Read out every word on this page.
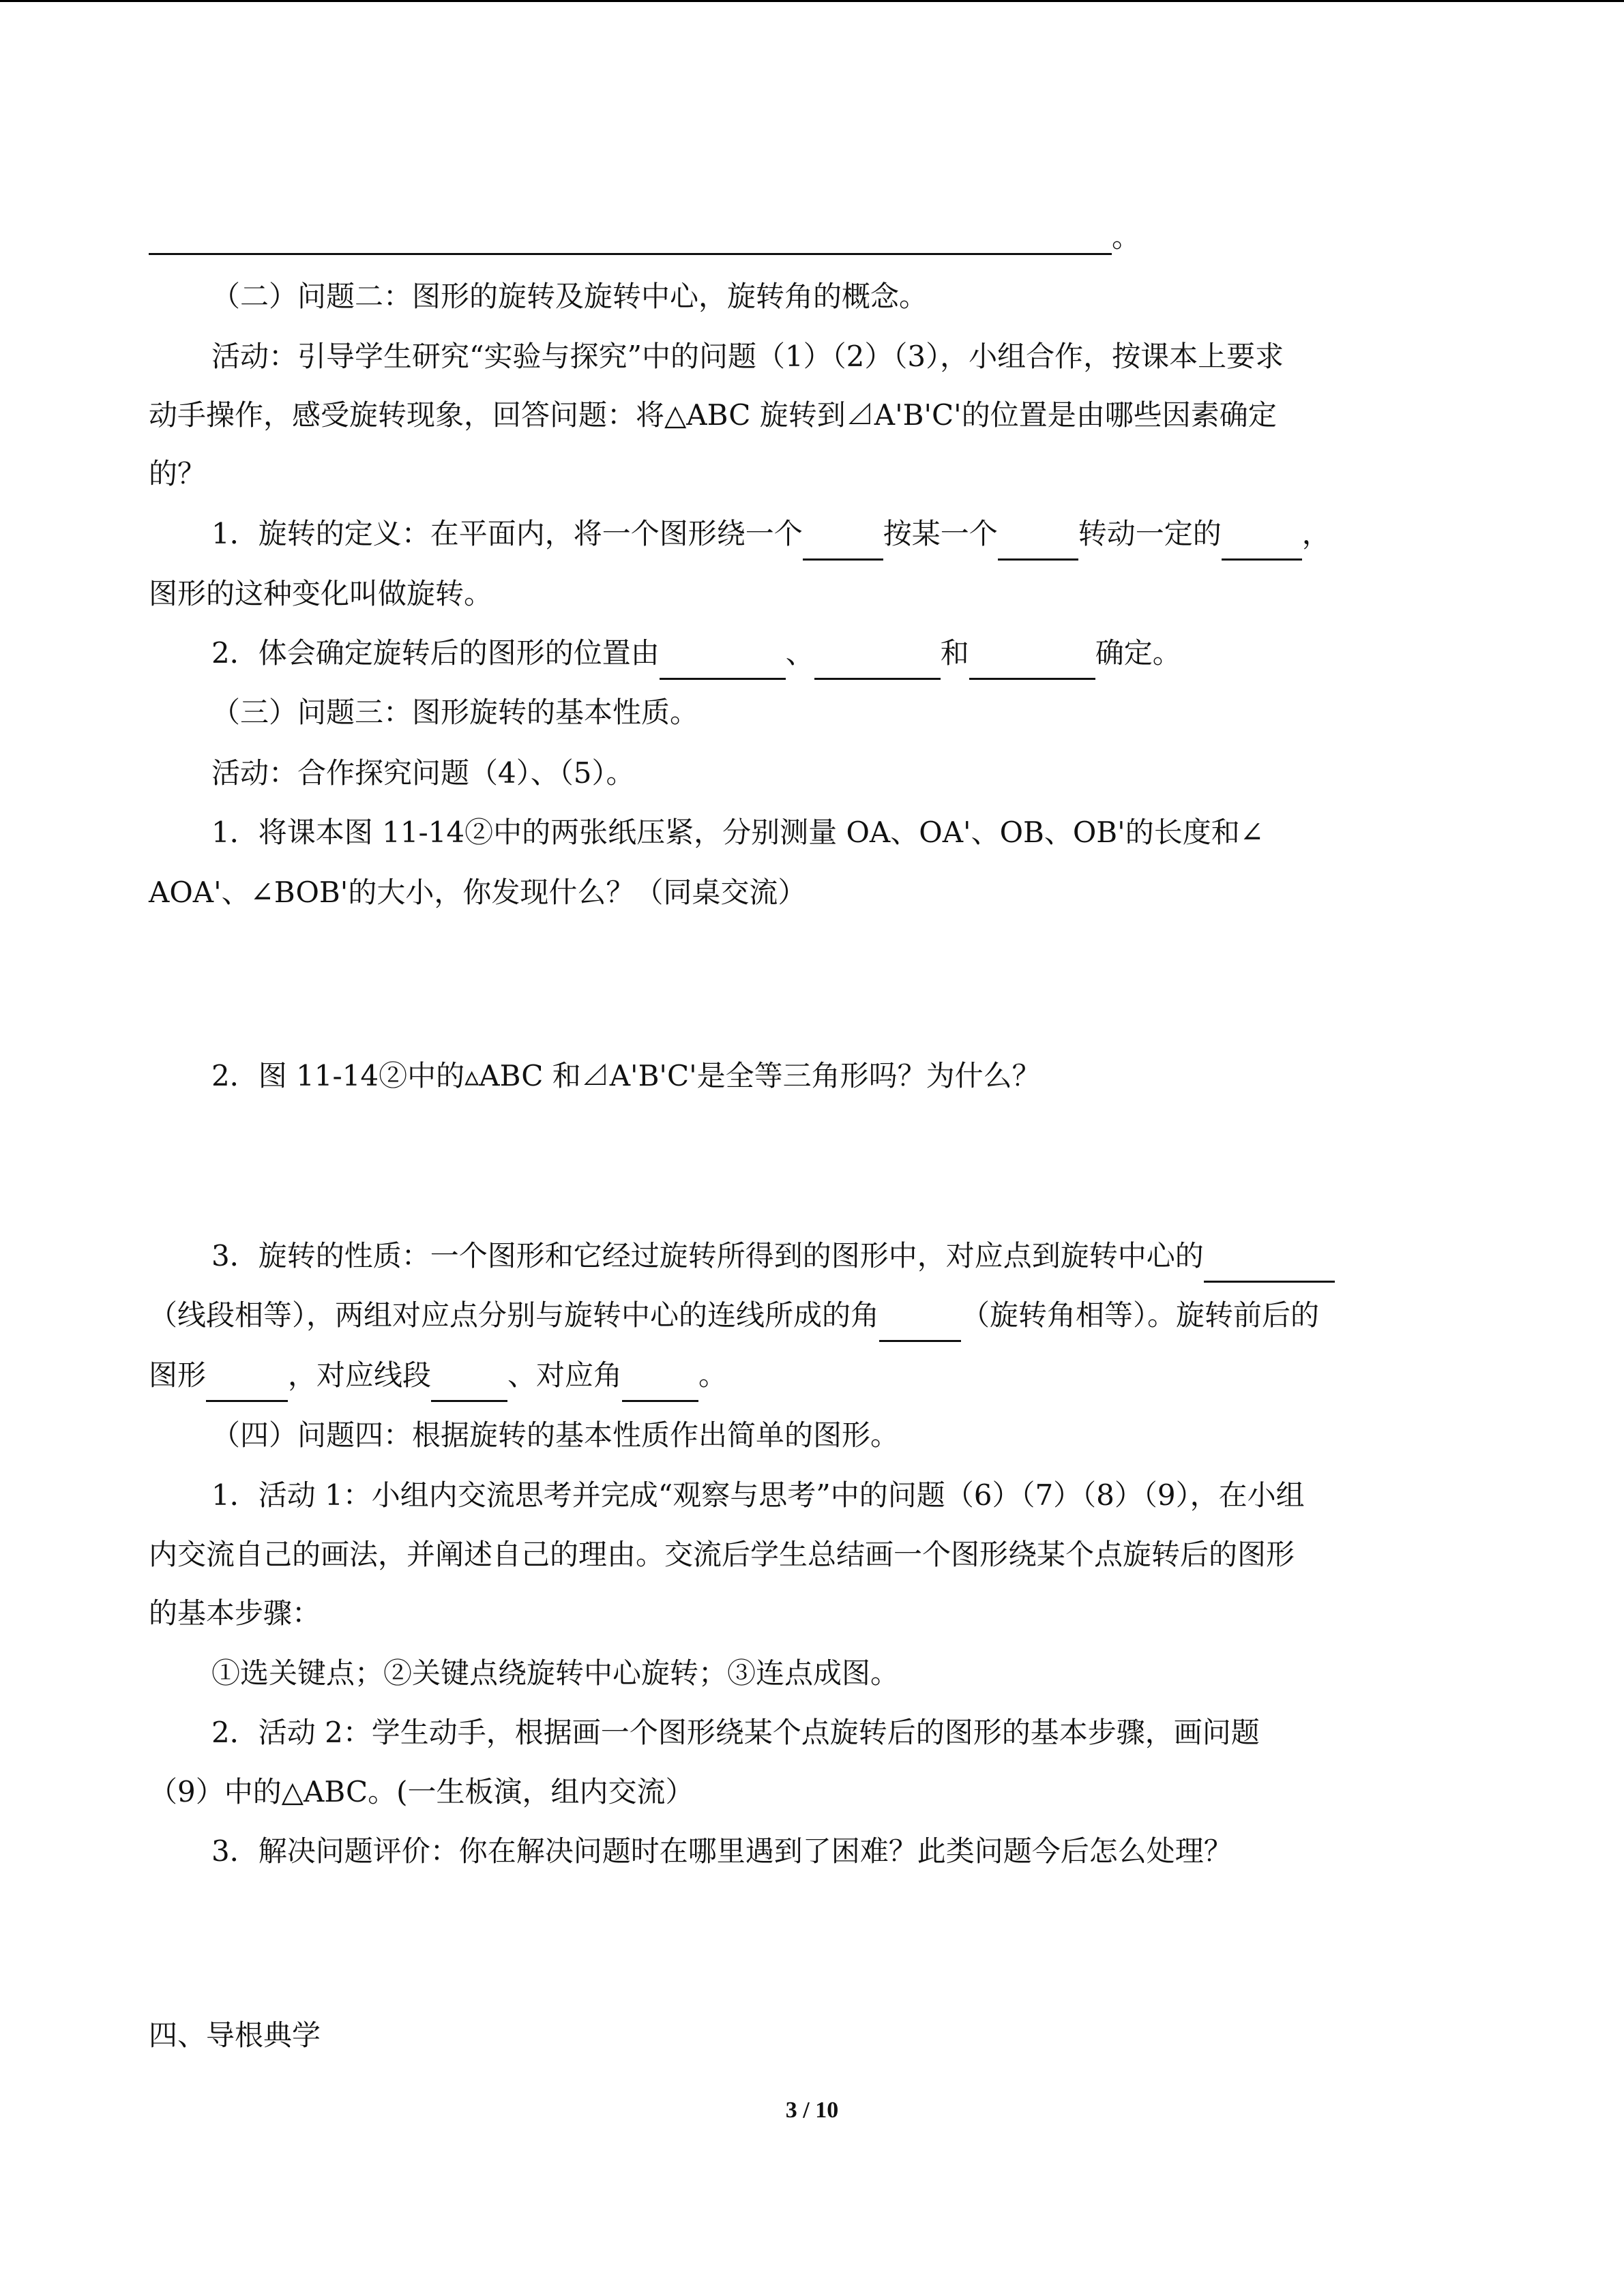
。
（二）问题二：图形的旋转及旋转中心，旋转角的概念。
活动：引导学生研究“实验与探究”中的问题（1）（2）（3），小组合作，按课本上要求
动手操作，感受旋转现象，回答问题：将△ABC 旋转到⊿A'B'C'的位置是由哪些因素确定
的？
1．旋转的定义：在平面内，将一个图形绕一个	按某一个	转动一定的	，
图形的这种变化叫做旋转。
2．体会确定旋转后的图形的位置由	、	和	确定。
（三）问题三：图形旋转的基本性质。
活动：合作探究问题（4）、（5）。
1．将课本图 11-14②中的两张纸压紧，分别测量 OA、OA'、OB、OB'的长度和∠
AOA'、∠BOB'的大小，你发现什么？（同桌交流）
2．图 11-14②中的▵ABC 和⊿A'B'C'是全等三角形吗？为什么？
3．旋转的性质：一个图形和它经过旋转所得到的图形中，对应点到旋转中心的
（线段相等），两组对应点分别与旋转中心的连线所成的角	（旋转角相等）。旋转前后的
图形	，对应线段	、对应角	。
（四）问题四：根据旋转的基本性质作出简单的图形。
1．活动 1：小组内交流思考并完成“观察与思考”中的问题（6）（7）（8）（9），在小组
内交流自己的画法，并阐述自己的理由。交流后学生总结画一个图形绕某个点旋转后的图形
的基本步骤：
①选关键点；②关键点绕旋转中心旋转；③连点成图。
2．活动 2：学生动手，根据画一个图形绕某个点旋转后的图形的基本步骤，画问题
（9）中的△ABC。(一生板演，组内交流）
3．解决问题评价：你在解决问题时在哪里遇到了困难？此类问题今后怎么处理？
四、导根典学
3 / 10
